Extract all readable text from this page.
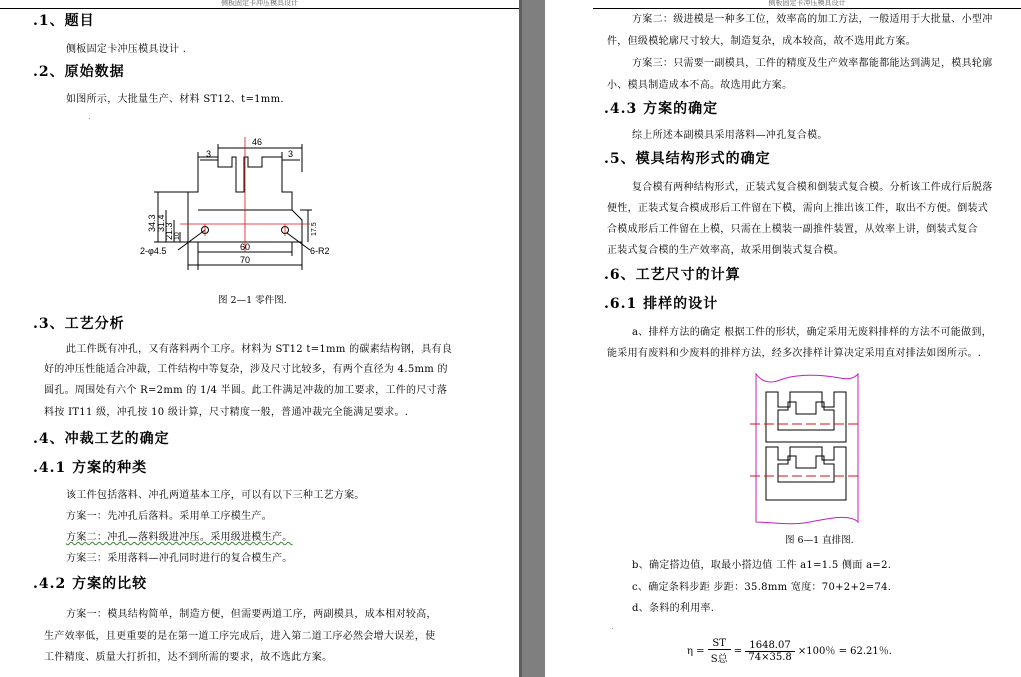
侧板固定卡冲压模具设计
.1、题目
侧板固定卡冲压模具设计 .
.2、原始数据
如图所示，大批量生产、材料 ST12、t=1mm.
.
46
3	3
34.3 31.4
21.3 10
17.5
60
70
2-φ4.5	6-R2
图 2—1 零件图.
.3、工艺分析
此工件既有冲孔，又有落料两个工序。材料为 ST12 t=1mm 的碳素结构钢，具有良
好的冲压性能适合冲裁，工件结构中等复杂，涉及尺寸比较多，有两个直径为 4.5mm 的
圆孔。周围处有六个 R=2mm 的 1/4 半圆。此工件满足冲裁的加工要求，工件的尺寸落
料按 IT11 级，冲孔按 10 级计算，尺寸精度一般，普通冲裁完全能满足要求。.
.4、冲裁工艺的确定
.4.1 方案的种类
该工件包括落料、冲孔两道基本工序，可以有以下三种工艺方案。
方案一：先冲孔后落料。采用单工序模生产。
方案二：冲孔—落料级进冲压。采用级进模生产。
方案三：采用落料—冲孔同时进行的复合模生产。
.4.2 方案的比较
方案一：模具结构简单，制造方便，但需要两道工序，两副模具，成本相对较高，
生产效率低，且更重要的是在第一道工序完成后，进入第二道工序必然会增大误差，使
工件精度、质量大打折扣，达不到所需的要求，故不选此方案。
侧板固定卡冲压模具设计
方案二：级进模是一种多工位，效率高的加工方法，一般适用于大批量、小型冲
件，但级模轮廓尺寸较大，制造复杂，成本较高，故不选用此方案。
方案三：只需要一副模具，工件的精度及生产效率都能都能达到满足，模具轮廓
小、模具制造成本不高。故选用此方案。
.4.3 方案的确定
综上所述本副模具采用落料—冲孔复合模。
.5、模具结构形式的确定
复合模有两种结构形式，正装式复合模和倒装式复合模。分析该工件成行后脱落
便性，正装式复合模成形后工件留在下模，需向上推出该工件，取出不方便。倒装式
合模成形后工件留在上模，只需在上模装一副推件装置，从效率上讲，倒装式复合
正装式复合模的生产效率高，故采用倒装式复合模。
.6、工艺尺寸的计算
.6.1 排样的设计
a、排样方法的确定 根据工件的形状，确定采用无废料排样的方法不可能做到，
能采用有废料和少废料的排样方法，经多次排样计算决定采用直对排法如图所示。.
图 6—1 直排图.
b、确定搭边值，取最小搭边值 工件 a1=1.5 侧面 a=2.
c、确定条料步距 步距：35.8mm 宽度：70+2+2=74.
d、条料的利用率.
.
$\eta = \frac{ST}{\text{S总}} = \frac{1648.07}{74\times 35.8} \times 100$％ = 62.21％.
